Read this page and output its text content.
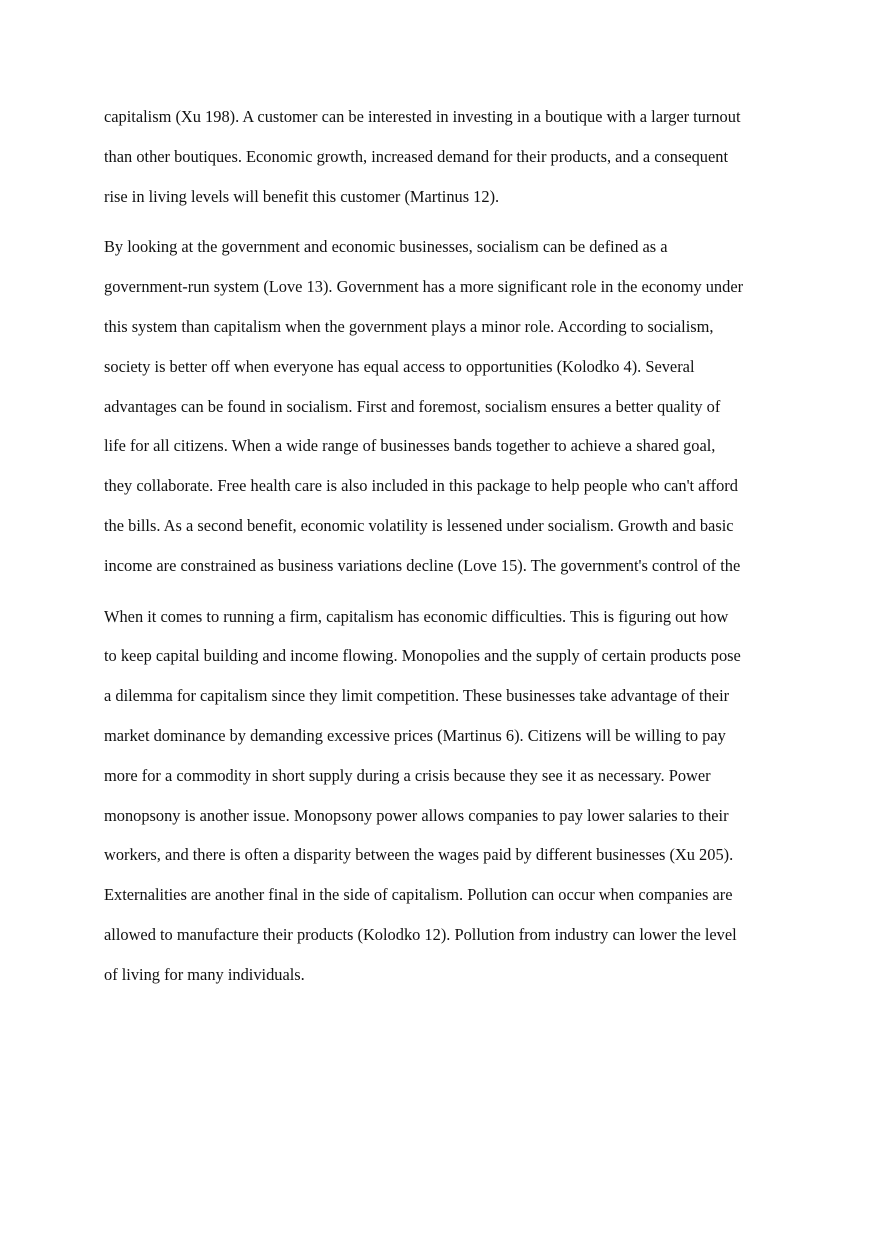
capitalism (Xu 198). A customer can be interested in investing in a boutique with a larger turnout
than other boutiques. Economic growth, increased demand for their products, and a consequent
rise in living levels will benefit this customer (Martinus 12).

By looking at the government and economic businesses, socialism can be defined as a
government-run system (Love 13). Government has a more significant role in the economy under
this system than capitalism when the government plays a minor role. According to socialism,
society is better off when everyone has equal access to opportunities (Kolodko 4). Several
advantages can be found in socialism. First and foremost, socialism ensures a better quality of
life for all citizens. When a wide range of businesses bands together to achieve a shared goal,
they collaborate. Free health care is also included in this package to help people who can't afford
the bills. As a second benefit, economic volatility is lessened under socialism. Growth and basic
income are constrained as business variations decline (Love 15). The government's control of the

When it comes to running a firm, capitalism has economic difficulties. This is figuring out how
to keep capital building and income flowing. Monopolies and the supply of certain products pose
a dilemma for capitalism since they limit competition. These businesses take advantage of their
market dominance by demanding excessive prices (Martinus 6). Citizens will be willing to pay
more for a commodity in short supply during a crisis because they see it as necessary. Power
monopsony is another issue. Monopsony power allows companies to pay lower salaries to their
workers, and there is often a disparity between the wages paid by different businesses (Xu 205).
Externalities are another final in the side of capitalism. Pollution can occur when companies are
allowed to manufacture their products (Kolodko 12). Pollution from industry can lower the level
of living for many individuals.
